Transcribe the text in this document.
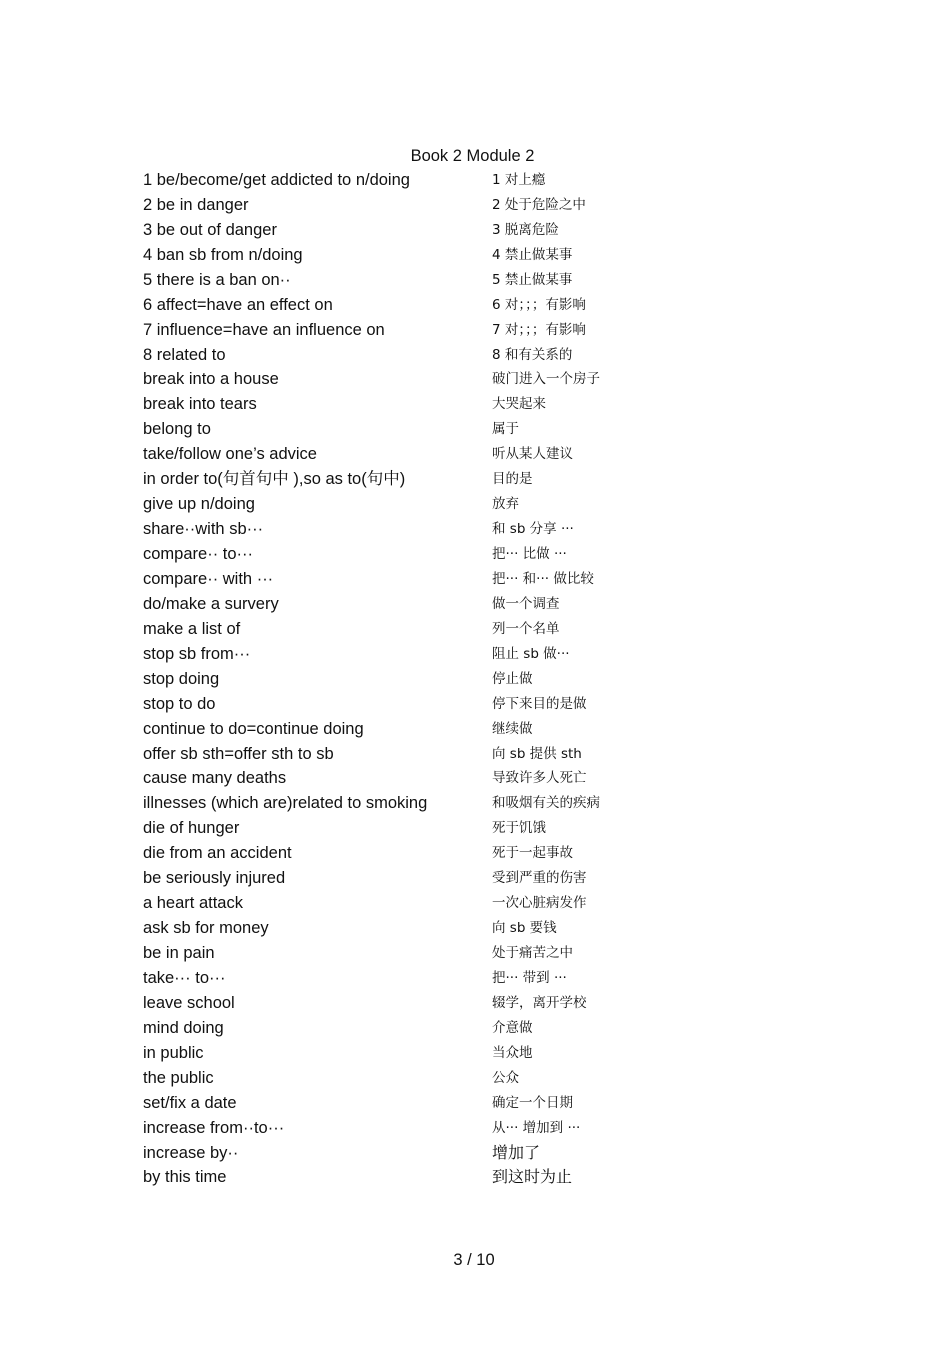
Book 2 Module 2
1 be/become/get addicted to n/doing	1 对上瘾
2 be in danger	2 处于危险之中
3 be out of danger	3 脱离危险
4 ban sb from n/doing	4 禁止做某事
5 there is a ban on··	5 禁止做某事
6 affect=have an effect on	6 对；；；有影响
7 influence=have an influence on	7 对；；；有影响
8 related to	8 和有关系的
break into a house	破门进入一个房子
break into tears	大哭起来
belong to	属于
take/follow one’s advice	听从某人建议
in order to(句首句中 ),so as to(句中)	目的是
give up n/doing	放弃
share··with sb···	和 sb 分享 ···
compare·· to···	把··· 比做 ···
compare·· with ···	把··· 和··· 做比较
do/make a survery	做一个调查
make a list of	列一个名单
stop sb from···	阻止 sb 做···
stop doing	停止做
stop to do	停下来目的是做
continue to do=continue doing	继续做
offer sb sth=offer sth to sb	向 sb 提供 sth
cause many deaths	导致许多人死亡
illnesses (which are)related to smoking	和吸烟有关的疾病
die of hunger	死于饥饿
die from an accident	死于一起事故
be seriously injured	受到严重的伤害
a heart attack	一次心脏病发作
ask sb for money	向 sb 要钱
be in pain	处于痛苦之中
take··· to···	把··· 带到 ···
leave school	辍学，离开学校
mind doing	介意做
in public	当众地
the public	公众
set/fix a date	确定一个日期
increase from··to···	从··· 增加到 ···
increase by··	增加了
by this time	到这时为止
3 / 10
